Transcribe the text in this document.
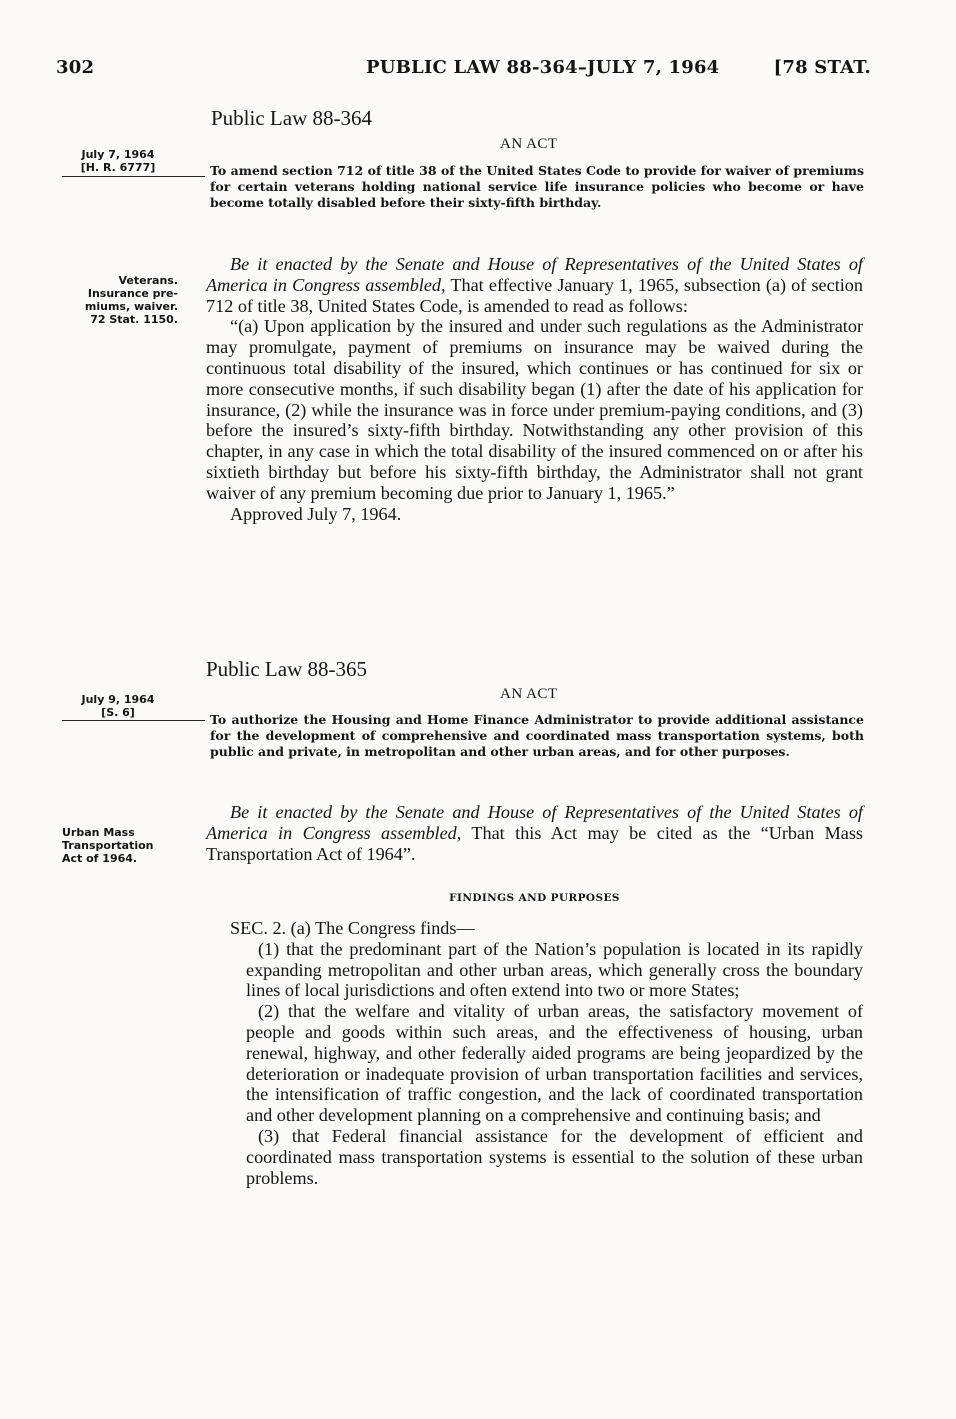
302	PUBLIC LAW 88-364–JULY 7, 1964	[78 STAT.
Public Law 88-364
AN ACT
July 7, 1964
[H. R. 6777]	To amend section 712 of title 38 of the United States Code to provide for waiver of premiums for certain veterans holding national service life insurance policies who become or have become totally disabled before their sixty-fifth birthday.
Veterans.
Insurance pre-
miums, waiver.
72 Stat. 1150.

Be it enacted by the Senate and House of Representatives of the United States of America in Congress assembled, That effective January 1, 1965, subsection (a) of section 712 of title 38, United States Code, is amended to read as follows:

“(a) Upon application by the insured and under such regulations as the Administrator may promulgate, payment of premiums on insurance may be waived during the continuous total disability of the insured, which continues or has continued for six or more consecutive months, if such disability began (1) after the date of his application for insurance, (2) while the insurance was in force under premium-paying conditions, and (3) before the insured’s sixty-fifth birthday. Notwithstanding any other provision of this chapter, in any case in which the total disability of the insured commenced on or after his sixtieth birthday but before his sixty-fifth birthday, the Administrator shall not grant waiver of any premium becoming due prior to January 1, 1965.”

Approved July 7, 1964.

Public Law 88-365
AN ACT
July 9, 1964
[S. 6]	To authorize the Housing and Home Finance Administrator to provide additional assistance for the development of comprehensive and coordinated mass transportation systems, both public and private, in metropolitan and other urban areas, and for other purposes.
Urban Mass
Transportation
Act of 1964.

Be it enacted by the Senate and House of Representatives of the United States of America in Congress assembled, That this Act may be cited as the “Urban Mass Transportation Act of 1964”.

FINDINGS AND PURPOSES

SEC. 2. (a) The Congress finds—

(1) that the predominant part of the Nation’s population is located in its rapidly expanding metropolitan and other urban areas, which generally cross the boundary lines of local jurisdictions and often extend into two or more States;

(2) that the welfare and vitality of urban areas, the satisfactory movement of people and goods within such areas, and the effectiveness of housing, urban renewal, highway, and other federally aided programs are being jeopardized by the deterioration or inadequate provision of urban transportation facilities and services, the intensification of traffic congestion, and the lack of coordinated transportation and other development planning on a comprehensive and continuing basis; and

(3) that Federal financial assistance for the development of efficient and coordinated mass transportation systems is essential to the solution of these urban problems.
